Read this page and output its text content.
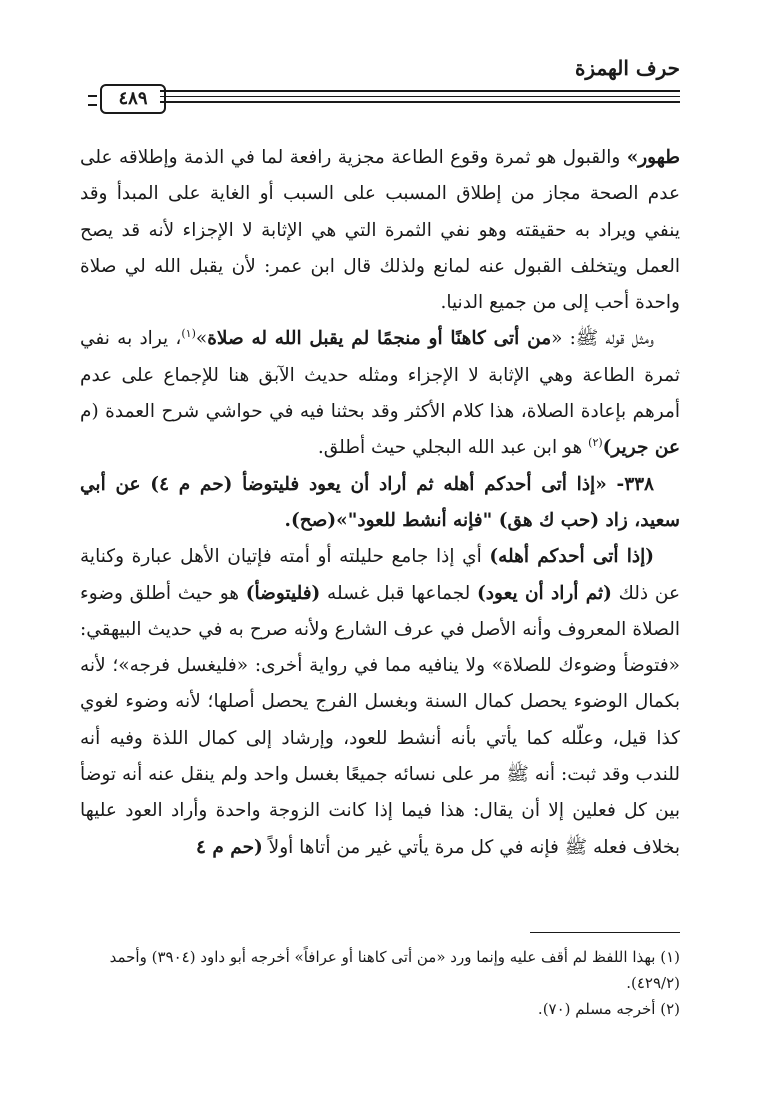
حرف الهمزة
٤٨٩

طهور» والقبول هو ثمرة وقوع الطاعة مجزية رافعة لما في الذمة وإطلاقه على عدم الصحة مجاز من إطلاق المسبب على السبب أو الغاية على المبدأ وقد ينفي ويراد به حقيقته وهو نفي الثمرة التي هي الإثابة لا الإجزاء لأنه قد يصح العمل ويتخلف القبول عنه لمانع ولذلك قال ابن عمر: لأن يقبل الله لي صلاة واحدة أحب إلى من جميع الدنيا.

ومثل قوله ﷺ: «من أتى كاهنًا أو منجمًا لم يقبل الله له صلاة»$^{(١)}$، يراد به نفي ثمرة الطاعة وهي الإثابة لا الإجزاء ومثله حديث الآبق هنا للإجماع على عدم أمرهم بإعادة الصلاة، هذا كلام الأكثر وقد بحثنا فيه في حواشي شرح العمدة (م عن جرير)$^{(٢)}$ هو ابن عبد الله البجلي حيث أطلق.

٣٣٨- «إذا أتى أحدكم أهله ثم أراد أن يعود فليتوضأ (حم م ٤) عن أبي سعيد، زاد (حب ك هق) "فإنه أنشط للعود"»(صح).

(إذا أتى أحدكم أهله) أي إذا جامع حليلته أو أمته فإتيان الأهل عبارة وكناية عن ذلك (ثم أراد أن يعود) لجماعها قبل غسله (فليتوضأ) هو حيث أطلق وضوء الصلاة المعروف وأنه الأصل في عرف الشارع ولأنه صرح به في حديث البيهقي: «فتوضأ وضوءك للصلاة» ولا ينافيه مما في رواية أخرى: «فليغسل فرجه»؛ لأنه بكمال الوضوء يحصل كمال السنة وبغسل الفرج يحصل أصلها؛ لأنه وضوء لغوي كذا قيل، وعلّله كما يأتي بأنه أنشط للعود، وإرشاد إلى كمال اللذة وفيه أنه للندب وقد ثبت: أنه ﷺ مر على نسائه جميعًا بغسل واحد ولم ينقل عنه أنه توضأ بين كل فعلين إلا أن يقال: هذا فيما إذا كانت الزوجة واحدة وأراد العود عليها بخلاف فعله ﷺ فإنه في كل مرة يأتي غير من أتاها أولاً (حم م ٤

(١) بهذا اللفظ لم أقف عليه وإنما ورد «من أتى كاهنا أو عرافاً» أخرجه أبو داود (٣٩٠٤) وأحمد (٤٢٩/٢).

(٢) أخرجه مسلم (٧٠).
